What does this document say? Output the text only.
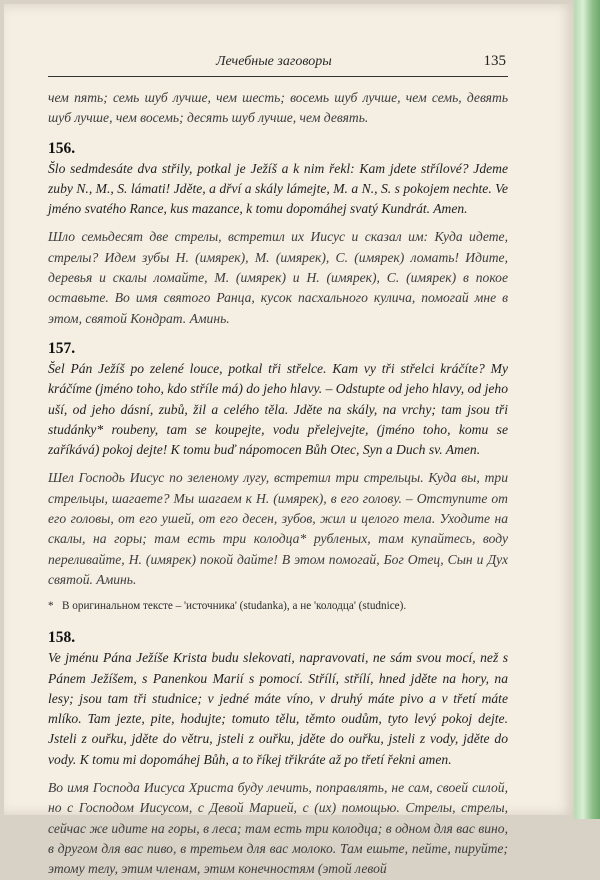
Лечебные заговоры	135

чем пять; семь шуб лучше, чем шесть; восемь шуб лучше, чем семь, девять шуб лучше, чем восемь; десять шуб лучше, чем девять.

156.

Šlo sedmdesáte dva střily, potkal je Ježíš a k nim řekl: Kam jdete střílové? Jdeme zuby N., M., S. lámati! Jděte, a dřví a skály lámejte, M. a N., S. s pokojem nechte. Ve jméno svatého Rance, kus mazance, k tomu dopomáhej svatý Kundrát. Amen.

Шло семьдесят две стрелы, встретил их Иисус и сказал им: Куда идете, стрелы? Идем зубы Н. (имярек), М. (имярек), С. (имярек) ломать! Идите, деревья и скалы ломайте, М. (имярек) и Н. (имярек), С. (имярек) в покое оставьте. Во имя святого Ранца, кусок пасхального кулича, помогай мне в этом, святой Кондрат. Аминь.

157.

Šel Pán Ježíš po zelené louce, potkal tři střelce. Kam vy tři střelci kráčíte? My kráčíme (jméno toho, kdo stříle má) do jeho hlavy. – Odstupte od jeho hlavy, od jeho uší, od jeho dásní, zubů, žil a celého těla. Jděte na skály, na vrchy; tam jsou tři studánky* roubeny, tam se koupejte, vodu přelejvejte, (jméno toho, komu se zaříkává) pokoj dejte! K tomu buď nápomocen Bůh Otec, Syn a Duch sv. Amen.

Шел Господь Иисус по зеленому лугу, встретил три стрельцы. Куда вы, три стрельцы, шагаете? Мы шагаем к Н. (имярек), в его голову. – Отступите от его головы, от его ушей, от его десен, зубов, жил и целого тела. Уходите на скалы, на горы; там есть три колодца* рубленых, там купайтесь, воду переливайте, Н. (имярек) покой дайте! В этом помогай, Бог Отец, Сын и Дух святой. Аминь.

* В оригинальном тексте – 'источника' (studanka), а не 'колодца' (studnice).
158.

Ve jménu Pána Ježíše Krista budu slekovati, napravovati, ne sám svou mocí, než s Pánem Ježíšem, s Panenkou Marií s pomocí. Střílí, střílí, hned jděte na hory, na lesy; jsou tam tři studnice; v jedné máte víno, v druhý máte pivo a v třetí máte mlíko. Tam jezte, pite, hodujte; tomuto tělu, těmto oudům, tyto levý pokoj dejte. Jsteli z ouřku, jděte do větru, jsteli z ouřku, jděte do ouřku, jsteli z vody, jděte do vody. K tomu mi dopomáhej Bůh, a to říkej třikráte až po třetí řekni amen.

Во имя Господа Иисуса Христа буду лечить, поправлять, не сам, своей силой, но с Господом Иисусом, с Девой Марией, с (их) помощью. Стрелы, стрелы, сейчас же идите на горы, в леса; там есть три колодца; в одном для вас вино, в другом для вас пиво, в третьем для вас молоко. Там ешьте, пейте, пируйте; этому телу, этим членам, этим конечностям (этой левой
